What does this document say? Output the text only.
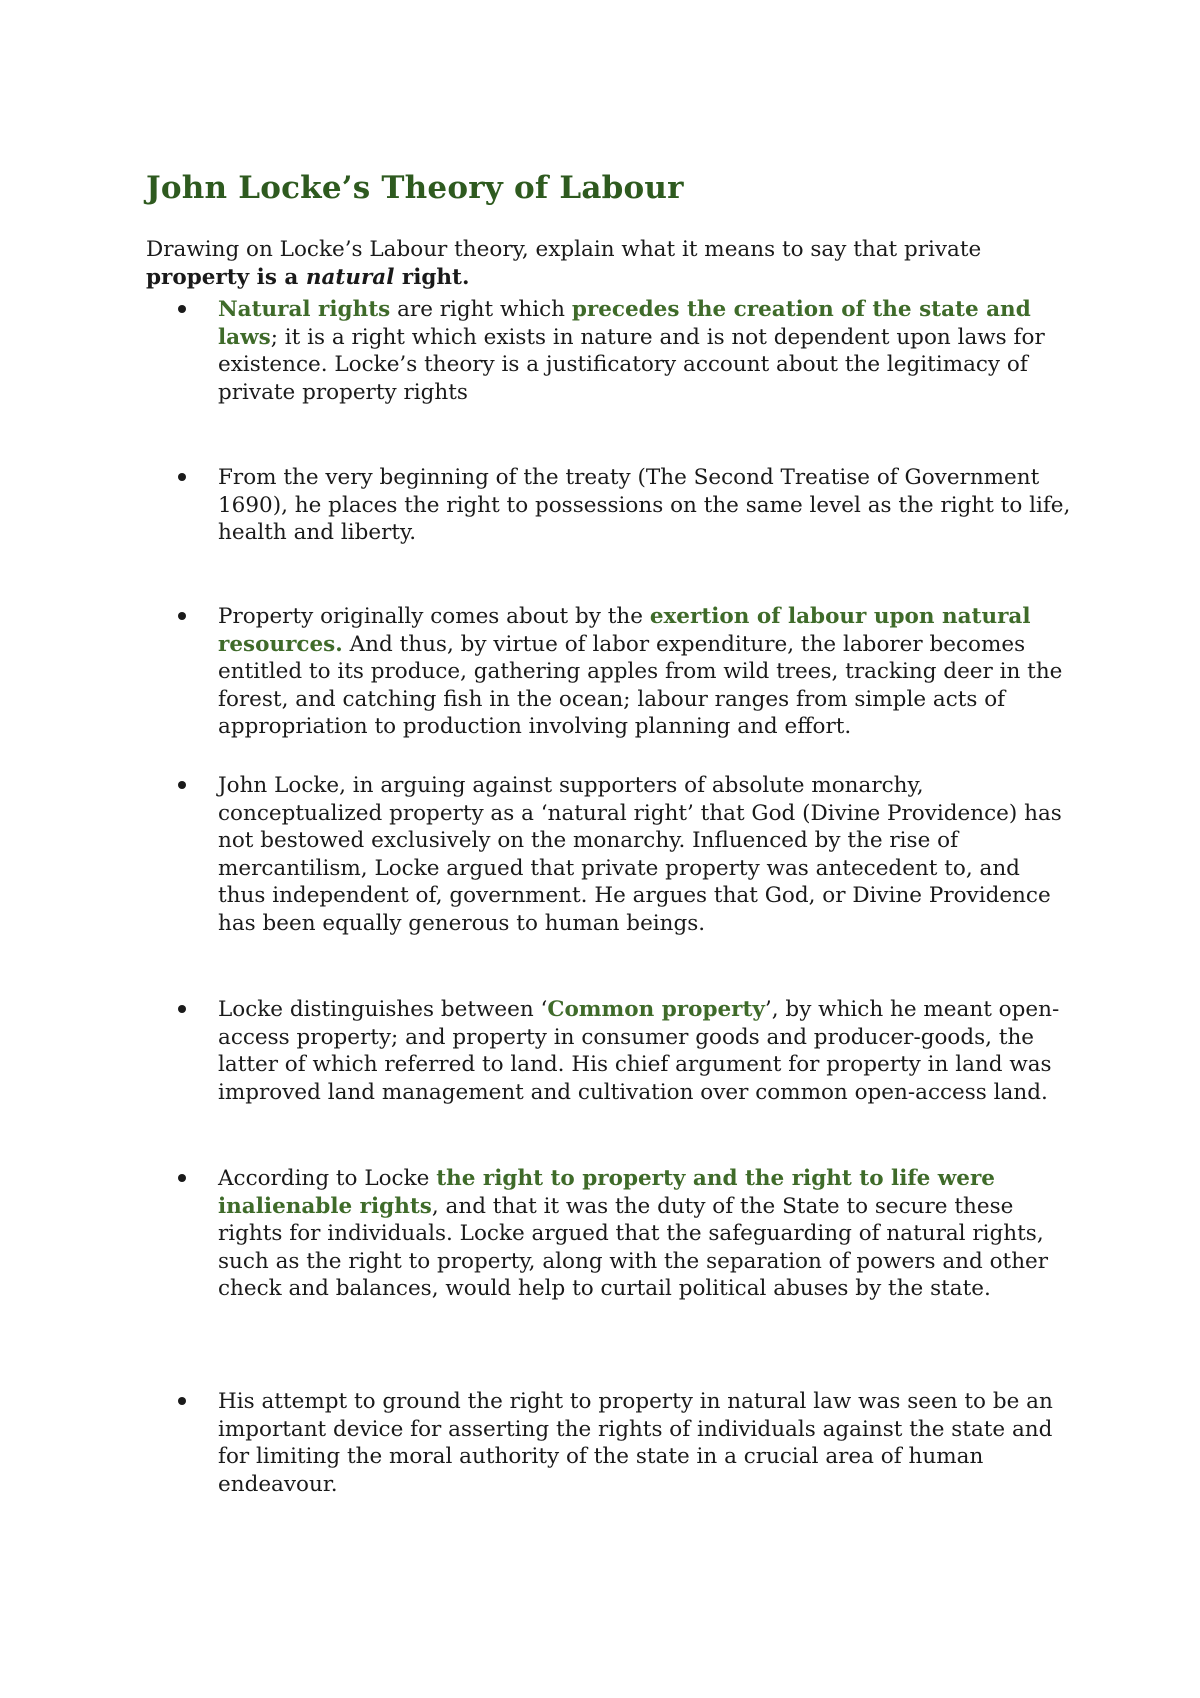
John Locke’s Theory of Labour

Drawing on Locke’s Labour theory, explain what it means to say that private
property is a natural right.

Natural rights are right which precedes the creation of the state and laws; it is a right which exists in nature and is not dependent upon laws for existence. Locke’s theory is a justificatory account about the legitimacy of private property rights
From the very beginning of the treaty (The Second Treatise of Government 1690), he places the right to possessions on the same level as the right to life, health and liberty.
Property originally comes about by the exertion of labour upon natural resources. And thus, by virtue of labor expenditure, the laborer becomes entitled to its produce, gathering apples from wild trees, tracking deer in the forest, and catching fish in the ocean; labour ranges from simple acts of appropriation to production involving planning and effort.
John Locke, in arguing against supporters of absolute monarchy, conceptualized property as a ‘natural right’ that God (Divine Providence) has not bestowed exclusively on the monarchy. Influenced by the rise of mercantilism, Locke argued that private property was antecedent to, and thus independent of, government. He argues that God, or Divine Providence has been equally generous to human beings.
Locke distinguishes between ‘Common property’, by which he meant open-access property; and property in consumer goods and producer-goods, the latter of which referred to land. His chief argument for property in land was improved land management and cultivation over common open-access land.
According to Locke the right to property and the right to life were inalienable rights, and that it was the duty of the State to secure these rights for individuals. Locke argued that the safeguarding of natural rights, such as the right to property, along with the separation of powers and other check and balances, would help to curtail political abuses by the state.
His attempt to ground the right to property in natural law was seen to be an important device for asserting the rights of individuals against the state and for limiting the moral authority of the state in a crucial area of human endeavour.
